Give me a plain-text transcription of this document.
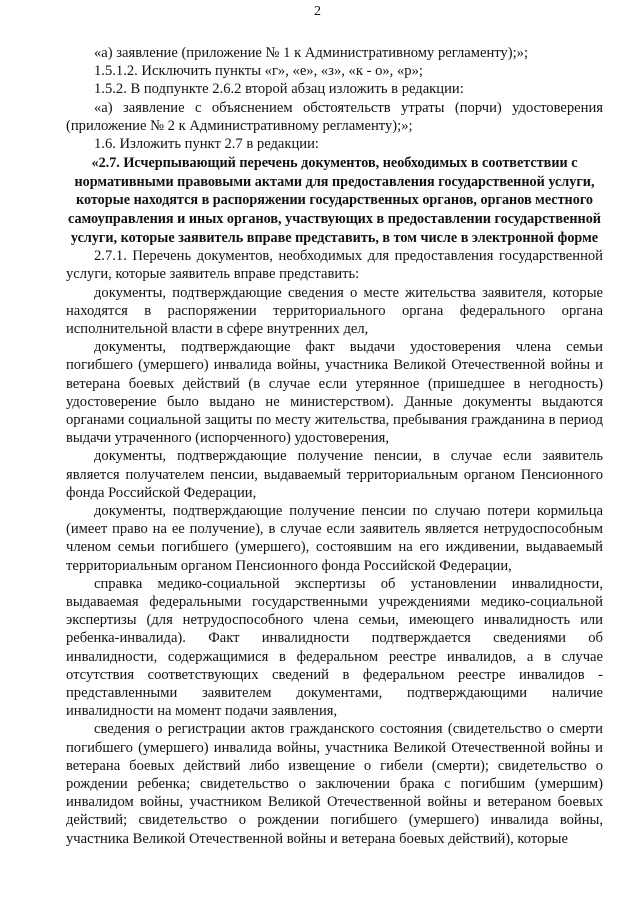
2

«а) заявление (приложение № 1 к Административному регламенту);»;

1.5.1.2. Исключить пункты «г», «е», «з», «к - о», «р»;

1.5.2. В подпункте 2.6.2 второй абзац изложить в редакции:

«а) заявление с объяснением обстоятельств утраты (порчи) удостоверения (приложение № 2 к Административному регламенту);»;

1.6. Изложить пункт 2.7 в редакции:

«2.7. Исчерпывающий перечень документов, необходимых в соответствии с нормативными правовыми актами для предоставления государственной услуги, которые находятся в распоряжении государственных органов, органов местного самоуправления и иных органов, участвующих в предоставлении государственной услуги, которые заявитель вправе представить, в том числе в электронной форме

2.7.1. Перечень документов, необходимых для предоставления государственной услуги, которые заявитель вправе представить:

документы, подтверждающие сведения о месте жительства заявителя, которые находятся в распоряжении территориального органа федерального органа исполнительной власти в сфере внутренних дел,

документы, подтверждающие факт выдачи удостоверения члена семьи погибшего (умершего) инвалида войны, участника Великой Отечественной войны и ветерана боевых действий (в случае если утерянное (пришедшее в негодность) удостоверение было выдано не министерством). Данные документы выдаются органами социальной защиты по месту жительства, пребывания гражданина в период выдачи утраченного (испорченного) удостоверения,

документы, подтверждающие получение пенсии, в случае если заявитель является получателем пенсии, выдаваемый территориальным органом Пенсионного фонда Российской Федерации,

документы, подтверждающие получение пенсии по случаю потери кормильца (имеет право на ее получение), в случае если заявитель является нетрудоспособным членом семьи погибшего (умершего), состоявшим на его иждивении, выдаваемый территориальным органом Пенсионного фонда Российской Федерации,

справка медико-социальной экспертизы об установлении инвалидности, выдаваемая федеральными государственными учреждениями медико-социальной экспертизы (для нетрудоспособного члена семьи, имеющего инвалидность или ребенка-инвалида). Факт инвалидности подтверждается сведениями об инвалидности, содержащимися в федеральном реестре инвалидов, а в случае отсутствия соответствующих сведений в федеральном реестре инвалидов - представленными заявителем документами, подтверждающими наличие инвалидности на момент подачи заявления,

сведения о регистрации актов гражданского состояния (свидетельство о смерти погибшего (умершего) инвалида войны, участника Великой Отечественной войны и ветерана боевых действий либо извещение о гибели (смерти); свидетельство о рождении ребенка; свидетельство о заключении брака с погибшим (умершим) инвалидом войны, участником Великой Отечественной войны и ветераном боевых действий; свидетельство о рождении погибшего (умершего) инвалида войны, участника Великой Отечественной войны и ветерана боевых действий), которые
